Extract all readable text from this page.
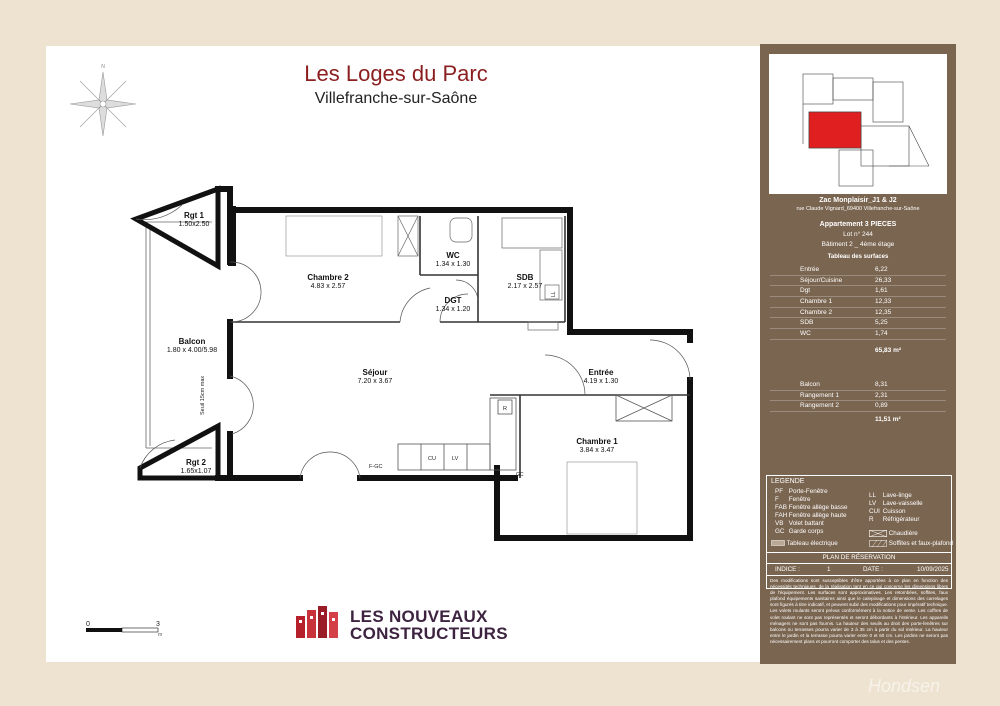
Les Loges du Parc
Villefranche-sur-Saône
N
LL
CU	LV
R
F-GC
GC
Seuil 15cm max
Rgt 1
1.50x2.50
Chambre 2
4.83 x 2.57
WC
1.34 x 1.30
SDB
2.17 x 2.57
DGT
1.34 x 1.20
Balcon
1.80 x 4.00/5.98
Séjour
7.20 x 3.67
Entrée
4.19 x 1.30
Chambre 1
3.84 x 3.47
Rgt 2
1.65x1.07
0	3
m
LES NOUVEAUX
CONSTRUCTEURS
Zac Monplaisir_J1 & J2
rue Claude Vignard_69400 Villefranche-sur-Saône
Appartement 3 PIECES
Lot n° 244
Bâtiment 2 _ 4ème étage
Tableau des surfaces
Entrée	6,22
Séjour/Cuisine	26,33
Dgt	1,61
Chambre 1	12,33
Chambre 2	12,35
SDB	5,25
WC	1,74
65,83 m²
Balcon	8,31
Rangement 1	2,31
Rangement 2	0,89
11,51 m²
LEGENDE
PF Porte-Fenêtre
F Fenêtre
FAB Fenêtre allège basse
FAH Fenêtre allège haute
VB Volet battant
GC Garde corps
LL Lave-linge
LV Lave-vaisselle
CUI Cuisson
R Réfrigérateur
Chaudière
Tableau électrique	Soffites et faux-plafond
PLAN DE RÉSERVATION
INDICE :	1	DATE :	10/09/2025
Des modifications sont susceptibles d'être apportées à ce plan en fonction des nécessités techniques, de la réalisation tant en ce qui concerne les dimensions libres de l'équipement. Les surfaces sont approximatives. Les retombées, soffites, faux plafond équipements sanitaires ainsi que le calepinage et dimensions des carrelages sont figurés à titre indicatif, et peuvent subir des modifications pour impératif technique. Les volets roulants seront prévus conformément à la notice de vente. Les coffres de volet roulant ne sont pas représentés et seront débordants à l'intérieur. Les appareils ménagers ne sont pas fournis. La hauteur des seuils au droit des porte-fenêtres sur balcons ou terrasses pourra varier de 3 à 35 cm à partir du sol intérieur. La hauteur entre le jardin et la terrasse pourra varier entre 0 et 60 cm. Les jardins ne seront pas nécessairement plans et pourront comporter des talus et des pentes.
Hondsen
